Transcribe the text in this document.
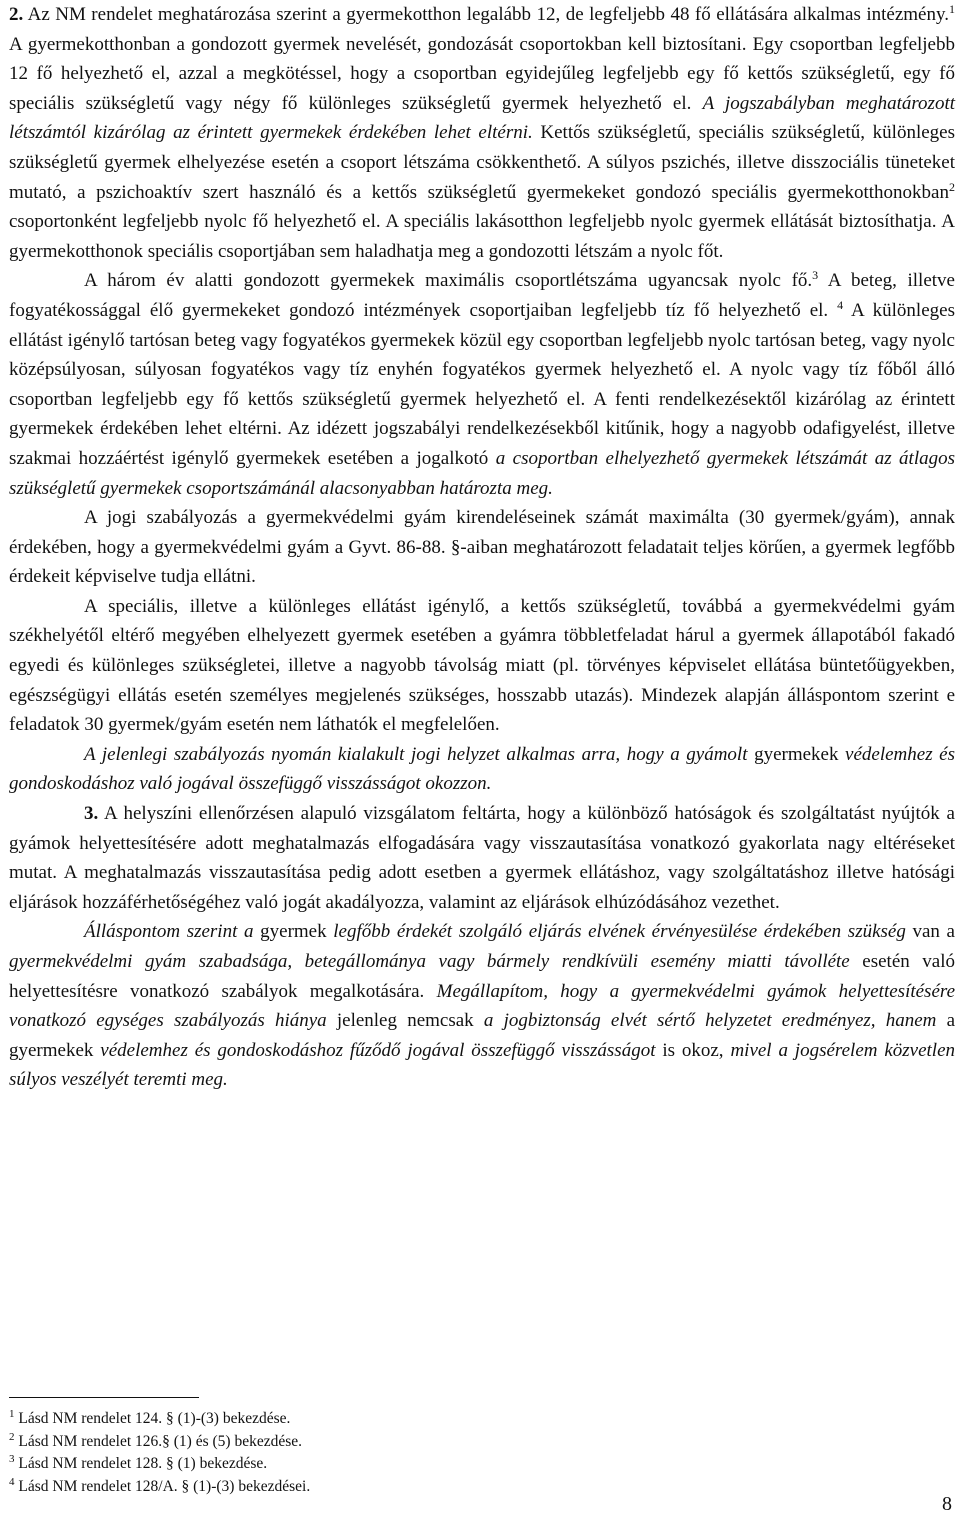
2. Az NM rendelet meghatározása szerint a gyermekotthon legalább 12, de legfeljebb 48 fő ellátására alkalmas intézmény.$^1$ A gyermekotthonban a gondozott gyermek nevelését, gondozását csoportokban kell biztosítani. Egy csoportban legfeljebb 12 fő helyezhető el, azzal a megkötéssel, hogy a csoportban egyidejűleg legfeljebb egy fő kettős szükségletű, egy fő speciális szükségletű vagy négy fő különleges szükségletű gyermek helyezhető el. A jogszabályban meghatározott létszámtól kizárólag az érintett gyermekek érdekében lehet eltérni. Kettős szükségletű, speciális szükségletű, különleges szükségletű gyermek elhelyezése esetén a csoport létszáma csökkenthető. A súlyos pszichés, illetve disszociális tüneteket mutató, a pszichoaktív szert használó és a kettős szükségletű gyermekeket gondozó speciális gyermekotthonokban$^2$ csoportonként legfeljebb nyolc fő helyezhető el. A speciális lakásotthon legfeljebb nyolc gyermek ellátását biztosíthatja. A gyermekotthonok speciális csoportjában sem haladhatja meg a gondozotti létszám a nyolc főt.

A három év alatti gondozott gyermekek maximális csoportlétszáma ugyancsak nyolc fő.$^3$ A beteg, illetve fogyatékossággal élő gyermekeket gondozó intézmények csoportjaiban legfeljebb tíz fő helyezhető el. $^4$ A különleges ellátást igénylő tartósan beteg vagy fogyatékos gyermekek közül egy csoportban legfeljebb nyolc tartósan beteg, vagy nyolc középsúlyosan, súlyosan fogyatékos vagy tíz enyhén fogyatékos gyermek helyezhető el. A nyolc vagy tíz főből álló csoportban legfeljebb egy fő kettős szükségletű gyermek helyezhető el. A fenti rendelkezésektől kizárólag az érintett gyermekek érdekében lehet eltérni. Az idézett jogszabályi rendelkezésekből kitűnik, hogy a nagyobb odafigyelést, illetve szakmai hozzáértést igénylő gyermekek esetében a jogalkotó a csoportban elhelyezhető gyermekek létszámát az átlagos szükségletű gyermekek csoportszámánál alacsonyabban határozta meg.

A jogi szabályozás a gyermekvédelmi gyám kirendeléseinek számát maximálta (30 gyermek/gyám), annak érdekében, hogy a gyermekvédelmi gyám a Gyvt. 86-88. §-aiban meghatározott feladatait teljes körűen, a gyermek legfőbb érdekeit képviselve tudja ellátni.

A speciális, illetve a különleges ellátást igénylő, a kettős szükségletű, továbbá a gyermekvédelmi gyám székhelyétől eltérő megyében elhelyezett gyermek esetében a gyámra többletfeladat hárul a gyermek állapotából fakadó egyedi és különleges szükségletei, illetve a nagyobb távolság miatt (pl. törvényes képviselet ellátása büntetőügyekben, egészségügyi ellátás esetén személyes megjelenés szükséges, hosszabb utazás). Mindezek alapján álláspontom szerint e feladatok 30 gyermek/gyám esetén nem láthatók el megfelelően.

A jelenlegi szabályozás nyomán kialakult jogi helyzet alkalmas arra, hogy a gyámolt gyermekek védelemhez és gondoskodáshoz való jogával összefüggő visszásságot okozzon.

3. A helyszíni ellenőrzésen alapuló vizsgálatom feltárta, hogy a különböző hatóságok és szolgáltatást nyújtók a gyámok helyettesítésére adott meghatalmazás elfogadására vagy visszautasítása vonatkozó gyakorlata nagy eltéréseket mutat. A meghatalmazás visszautasítása pedig adott esetben a gyermek ellátáshoz, vagy szolgáltatáshoz illetve hatósági eljárások hozzáférhetőségéhez való jogát akadályozza, valamint az eljárások elhúzódásához vezethet.

Álláspontom szerint a gyermek legfőbb érdekét szolgáló eljárás elvének érvényesülése érdekében szükség van a gyermekvédelmi gyám szabadsága, betegállománya vagy bármely rendkívüli esemény miatti távolléte esetén való helyettesítésre vonatkozó szabályok megalkotására. Megállapítom, hogy a gyermekvédelmi gyámok helyettesítésére vonatkozó egységes szabályozás hiánya jelenleg nemcsak a jogbiztonság elvét sértő helyzetet eredményez, hanem a gyermekek védelemhez és gondoskodáshoz fűződő jogával összefüggő visszásságot is okoz, mivel a jogsérelem közvetlen súlyos veszélyét teremti meg.

$^1$ Lásd NM rendelet 124. § (1)-(3) bekezdése.
$^2$ Lásd NM rendelet 126.§ (1) és (5) bekezdése.
$^3$ Lásd NM rendelet 128. § (1) bekezdése.
$^4$ Lásd NM rendelet 128/A. § (1)-(3) bekezdései.
8
